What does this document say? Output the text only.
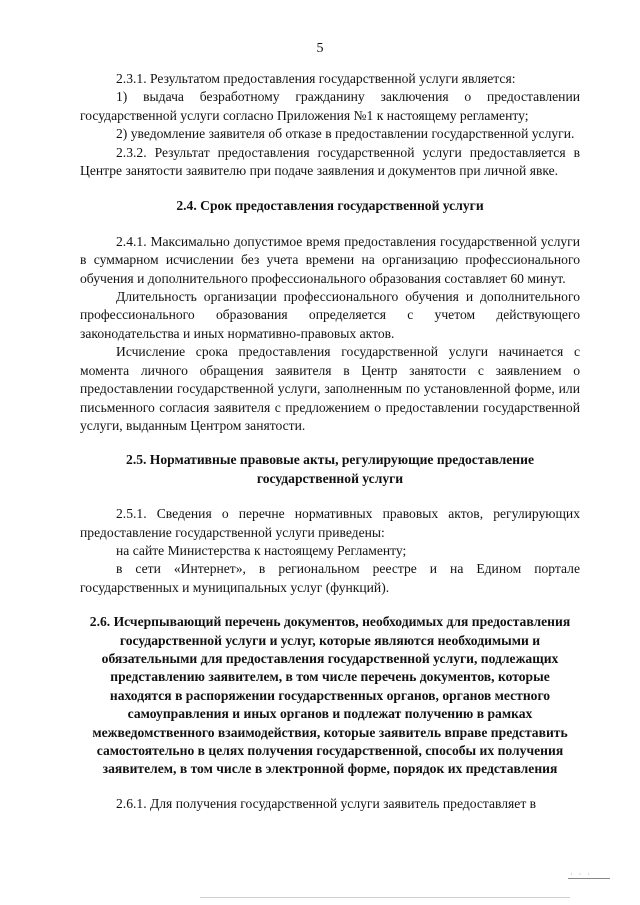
5

2.3.1. Результатом предоставления государственной услуги является:

1) выдача безработному гражданину заключения о предоставлении государственной услуги согласно Приложения №1 к настоящему регламенту;

2) уведомление заявителя об отказе в предоставлении государственной услуги.

2.3.2. Результат предоставления государственной услуги предоставляется в Центре занятости заявителю при подаче заявления и документов при личной явке.

2.4. Срок предоставления государственной услуги

2.4.1. Максимально допустимое время предоставления государственной услуги в суммарном исчислении без учета времени на организацию профессионального обучения и дополнительного профессионального образования составляет 60 минут.

Длительность организации профессионального обучения и дополнительного профессионального образования определяется с учетом действующего законодательства и иных нормативно-правовых актов.

Исчисление срока предоставления государственной услуги начинается с момента личного обращения заявителя в Центр занятости с заявлением о предоставлении государственной услуги, заполненным по установленной форме, или письменного согласия заявителя с предложением о предоставлении государственной услуги, выданным Центром занятости.

2.5. Нормативные правовые акты, регулирующие предоставление государственной услуги

2.5.1. Сведения о перечне нормативных правовых актов, регулирующих предоставление государственной услуги приведены:

на сайте Министерства к настоящему Регламенту;

в сети «Интернет», в региональном реестре и на Едином портале государственных и муниципальных услуг (функций).

2.6. Исчерпывающий перечень документов, необходимых для предоставления государственной услуги и услуг, которые являются необходимыми и обязательными для предоставления государственной услуги, подлежащих представлению заявителем, в том числе перечень документов, которые находятся в распоряжении государственных органов, органов местного самоуправления и иных органов и подлежат получению в рамках межведомственного взаимодействия, которые заявитель вправе представить самостоятельно в целях получения государственной, способы их получения заявителем, в том числе в электронной форме, порядок их представления

2.6.1. Для получения государственной услуги заявитель предоставляет в

· · ·
